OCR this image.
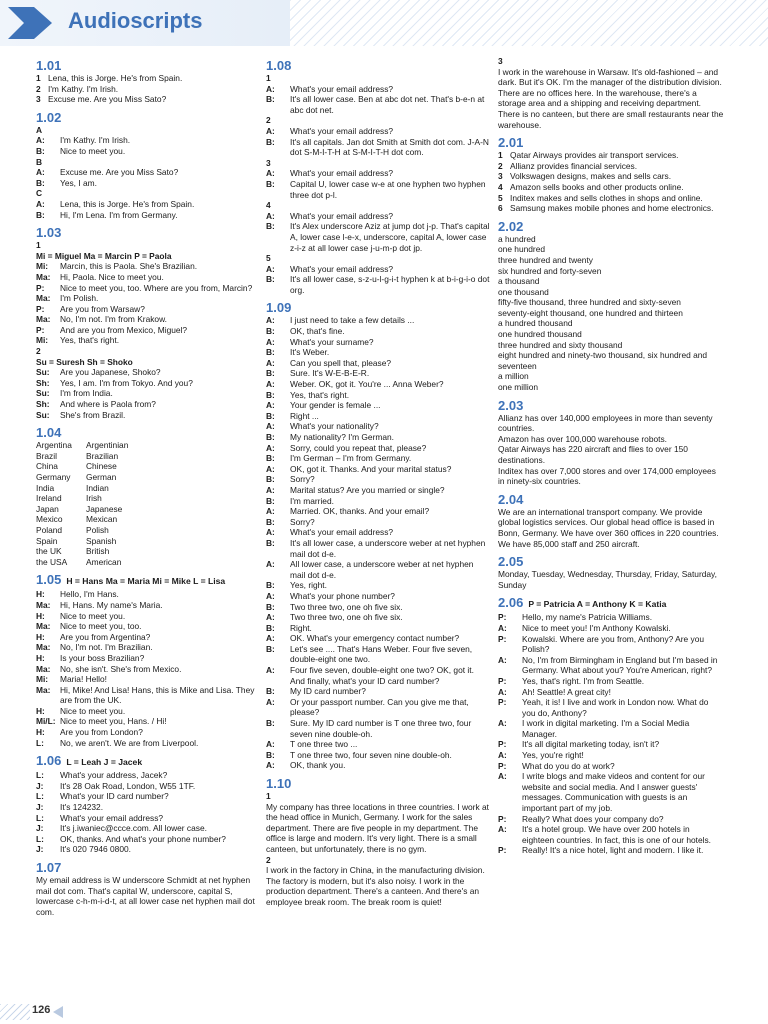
Audioscripts
1.01
1 Lena, this is Jorge. He's from Spain.
2 I'm Kathy. I'm Irish.
3 Excuse me. Are you Miss Sato?
1.02
A
A: I'm Kathy. I'm Irish.
B: Nice to meet you.
B
A: Excuse me. Are you Miss Sato?
B: Yes, I am.
C
A: Lena, this is Jorge. He's from Spain.
B: Hi, I'm Lena. I'm from Germany.
1.03
1
Mi = Miguel Ma = Marcin P = Paola
Mi: Marcin, this is Paola. She's Brazilian.
Ma: Hi, Paola. Nice to meet you.
P: Nice to meet you, too. Where are you from, Marcin?
Ma: I'm Polish.
P: Are you from Warsaw?
Ma: No, I'm not. I'm from Krakow.
P: And are you from Mexico, Miguel?
Mi: Yes, that's right.
2
Su = Suresh Sh = Shoko
Su: Are you Japanese, Shoko?
Sh: Yes, I am. I'm from Tokyo. And you?
Su: I'm from India.
Sh: And where is Paola from?
Su: She's from Brazil.
1.04
Argentina	Argentinian
Brazil	Brazilian
China	Chinese
Germany	German
India	Indian
Ireland	Irish
Japan	Japanese
Mexico	Mexican
Poland	Polish
Spain	Spanish
the UK	British
the USA	American
1.05 H = Hans Ma = Maria Mi = Mike L = Lisa
H: Hello, I'm Hans.
Ma: Hi, Hans. My name's Maria.
H: Nice to meet you.
Ma: Nice to meet you, too.
H: Are you from Argentina?
Ma: No, I'm not. I'm Brazilian.
H: Is your boss Brazilian?
Ma: No, she isn't. She's from Mexico.
Mi: Maria! Hello!
Ma: Hi, Mike! And Lisa! Hans, this is Mike and Lisa. They are from the UK.
H: Nice to meet you.
Mi/L: Nice to meet you, Hans. / Hi!
H: Are you from London?
L: No, we aren't. We are from Liverpool.
1.06 L = Leah J = Jacek
L: What's your address, Jacek?
J: It's 28 Oak Road, London, W55 1TF.
L: What's your ID card number?
J: It's 124232.
L: What's your email address?
J: It's j.iwaniec@ccce.com. All lower case.
L: OK, thanks. And what's your phone number?
J: It's 020 7946 0800.
1.07
My email address is W underscore Schmidt at net hyphen mail dot com. That's capital W, underscore, capital S, lowercase c-h-m-i-d-t, at all lower case net hyphen mail dot com.
1.08
1
A: What's your email address?
B: It's all lower case. Ben at abc dot net. That's b-e-n at abc dot net.
2
A: What's your email address?
B: It's all capitals. Jan dot Smith at Smith dot com. J-A-N dot S-M-I-T-H at S-M-I-T-H dot com.
3
A: What's your email address?
B: Capital U, lower case w-e at one hyphen two hyphen three dot p-l.
4
A: What's your email address?
B: It's Alex underscore Aziz at jump dot j-p. That's capital A, lower case l-e-x, underscore, capital A, lower case z-i-z at all lower case j-u-m-p dot jp.
5
A: What's your email address?
B: It's all lower case, s-z-u-l-g-i-t hyphen k at b-i-g-i-o dot org.
1.09
A: I just need to take a few details ...
B: OK, that's fine.
A: What's your surname?
B: It's Weber.
A: Can you spell that, please?
B: Sure. It's W-E-B-E-R.
A: Weber. OK, got it. You're ... Anna Weber?
B: Yes, that's right.
A: Your gender is female ...
B: Right ...
A: What's your nationality?
B: My nationality? I'm German.
A: Sorry, could you repeat that, please?
B: I'm German – I'm from Germany.
A: OK, got it. Thanks. And your marital status?
B: Sorry?
A: Marital status? Are you married or single?
B: I'm married.
A: Married. OK, thanks. And your email?
B: Sorry?
A: What's your email address?
B: It's all lower case, a underscore weber at net hyphen mail dot d-e.
A: All lower case, a underscore weber at net hyphen mail dot d-e.
B: Yes, right.
A: What's your phone number?
B: Two three two, one oh five six.
A: Two three two, one oh five six.
B: Right.
A: OK. What's your emergency contact number?
B: Let's see .... That's Hans Weber. Four five seven, double-eight one two.
A: Four five seven, double-eight one two? OK, got it. And finally, what's your ID card number?
B: My ID card number?
A: Or your passport number. Can you give me that, please?
B: Sure. My ID card number is T one three two, four seven nine double-oh.
A: T one three two ...
B: T one three two, four seven nine double-oh.
A: OK, thank you.
1.10
1
My company has three locations in three countries. I work at the head office in Munich, Germany. I work for the sales department. There are five people in my department. The office is large and modern. It's very light. There is a small canteen, but unfortunately, there is no gym.
2
I work in the factory in China, in the manufacturing division. The factory is modern, but it's also noisy. I work in the production department. There's a canteen. And there's an employee break room. The break room is quiet!
3
I work in the warehouse in Warsaw. It's old-fashioned – and dark. But it's OK. I'm the manager of the distribution division. There are no offices here. In the warehouse, there's a storage area and a shipping and receiving department. There is no canteen, but there are small restaurants near the warehouse.
2.01
1 Qatar Airways provides air transport services.
2 Allianz provides financial services.
3 Volkswagen designs, makes and sells cars.
4 Amazon sells books and other products online.
5 Inditex makes and sells clothes in shops and online.
6 Samsung makes mobile phones and home electronics.
2.02
a hundred
one hundred
three hundred and twenty
six hundred and forty-seven
a thousand
one thousand
fifty-five thousand, three hundred and sixty-seven
seventy-eight thousand, one hundred and thirteen
a hundred thousand
one hundred thousand
three hundred and sixty thousand
eight hundred and ninety-two thousand, six hundred and seventeen
a million
one million
2.03
Allianz has over 140,000 employees in more than seventy countries.
Amazon has over 100,000 warehouse robots.
Qatar Airways has 220 aircraft and flies to over 150 destinations.
Inditex has over 7,000 stores and over 174,000 employees in ninety-six countries.
2.04
We are an international transport company. We provide global logistics services. Our global head office is based in Bonn, Germany. We have over 360 offices in 220 countries. We have 85,000 staff and 250 aircraft.
2.05
Monday, Tuesday, Wednesday, Thursday, Friday, Saturday, Sunday
2.06 P = Patricia A = Anthony K = Katia
P: Hello, my name's Patricia Williams.
A: Nice to meet you! I'm Anthony Kowalski.
P: Kowalski. Where are you from, Anthony? Are you Polish?
A: No, I'm from Birmingham in England but I'm based in Germany. What about you? You're American, right?
P: Yes, that's right. I'm from Seattle.
A: Ah! Seattle! A great city!
P: Yeah, it is! I live and work in London now. What do you do, Anthony?
A: I work in digital marketing. I'm a Social Media Manager.
P: It's all digital marketing today, isn't it?
A: Yes, you're right!
P: What do you do at work?
A: I write blogs and make videos and content for our website and social media. And I answer guests' messages. Communication with guests is an important part of my job.
P: Really? What does your company do?
A: It's a hotel group. We have over 200 hotels in eighteen countries. In fact, this is one of our hotels.
P: Really! It's a nice hotel, light and modern. I like it.
126
